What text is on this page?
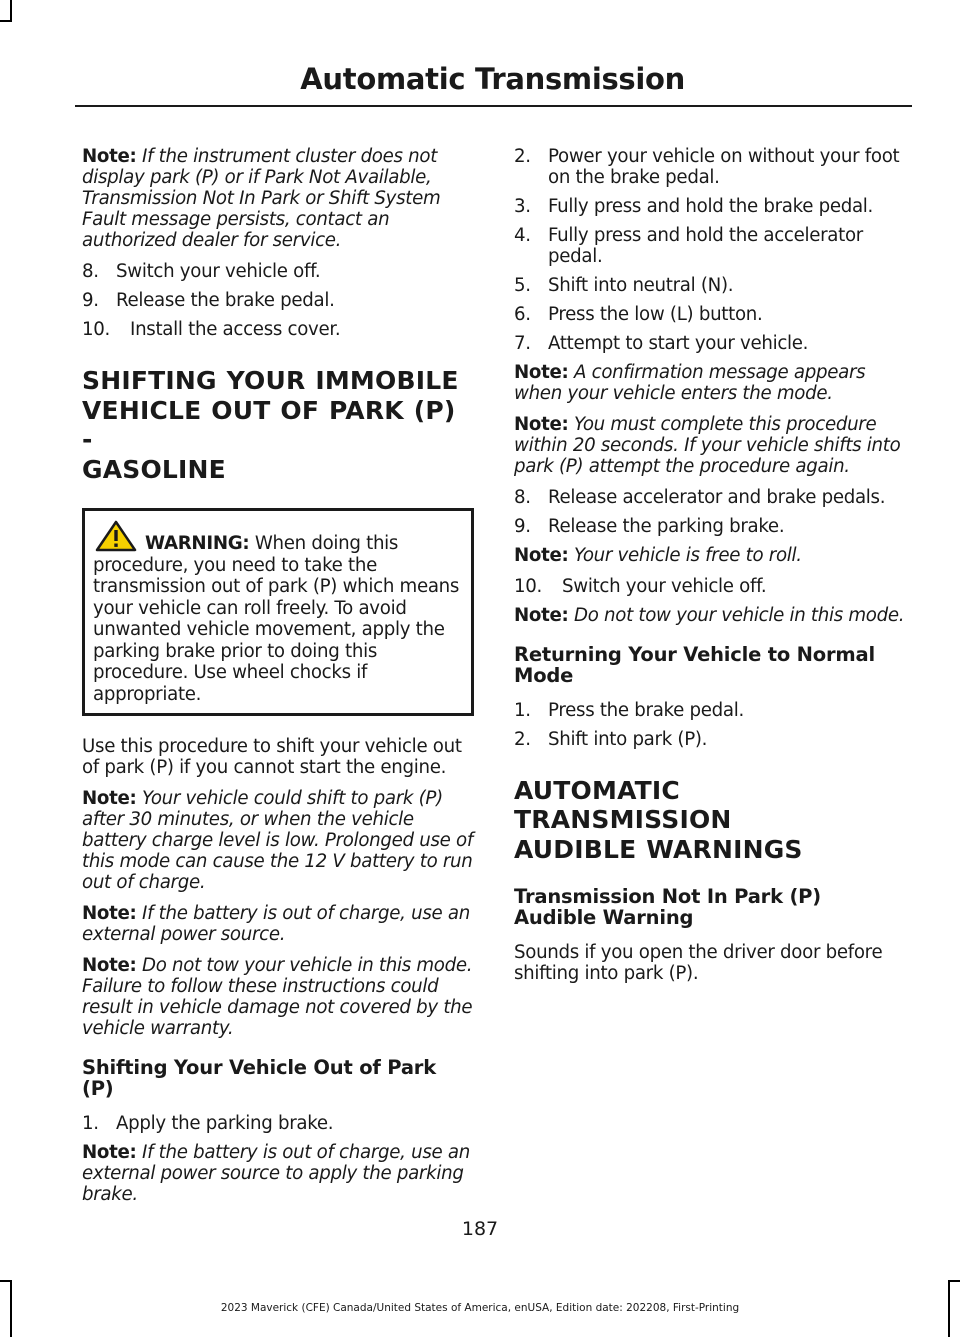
Automatic Transmission

Note: If the instrument cluster does not display park (P) or if Park Not Available, Transmission Not In Park or Shift System Fault message persists, contact an authorized dealer for service.

8. Switch your vehicle off.
9. Release the brake pedal.
10.	Install the access cover.
SHIFTING YOUR IMMOBILE
VEHICLE OUT OF PARK (P) -
GASOLINE
WARNING: When doing this procedure, you need to take the transmission out of park (P) which means your vehicle can roll freely. To avoid unwanted vehicle movement, apply the parking brake prior to doing this procedure. Use wheel chocks if appropriate.

Use this procedure to shift your vehicle out of park (P) if you cannot start the engine.

Note: Your vehicle could shift to park (P) after 30 minutes, or when the vehicle battery charge level is low. Prolonged use of this mode can cause the 12 V battery to run out of charge.

Note: If the battery is out of charge, use an external power source.

Note: Do not tow your vehicle in this mode. Failure to follow these instructions could result in vehicle damage not covered by the vehicle warranty.

Shifting Your Vehicle Out of Park (P)
1. Apply the parking brake.

Note: If the battery is out of charge, use an external power source to apply the parking brake.

2. Power your vehicle on without your foot on the brake pedal.
3. Fully press and hold the brake pedal.
4. Fully press and hold the accelerator pedal.
5. Shift into neutral (N).
6. Press the low (L) button.
7. Attempt to start your vehicle.

Note: A confirmation message appears when your vehicle enters the mode.

Note: You must complete this procedure within 20 seconds. If your vehicle shifts into park (P) attempt the procedure again.

8. Release accelerator and brake pedals.
9. Release the parking brake.

Note: Your vehicle is free to roll.

10.	Switch your vehicle off.

Note: Do not tow your vehicle in this mode.

Returning Your Vehicle to Normal Mode
1. Press the brake pedal.
2. Shift into park (P).
AUTOMATIC TRANSMISSION
AUDIBLE WARNINGS
Transmission Not In Park (P) Audible Warning

Sounds if you open the driver door before shifting into park (P).

187
2023 Maverick (CFE) Canada/United States of America, enUSA, Edition date: 202208, First-Printing
